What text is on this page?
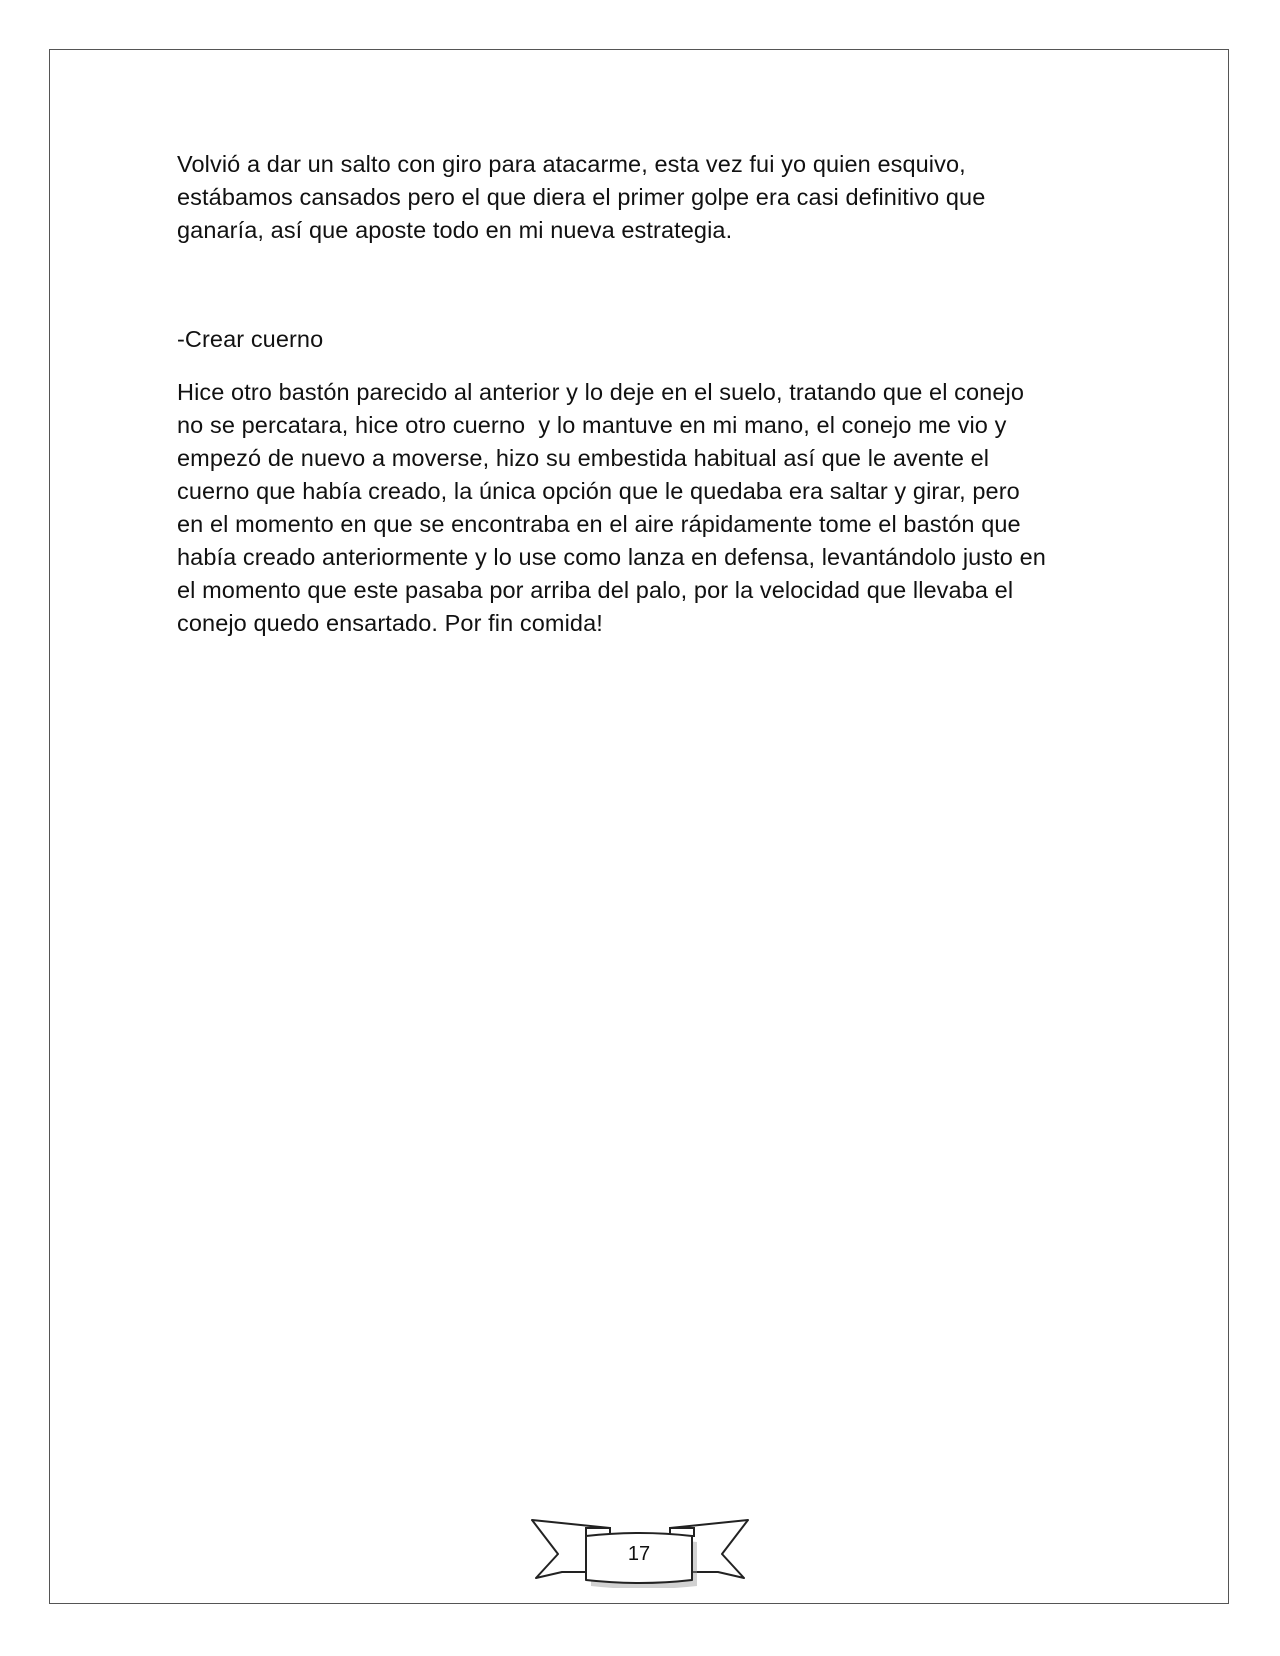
Volvió a dar un salto con giro para atacarme, esta vez fui yo quien esquivo,
estábamos cansados pero el que diera el primer golpe era casi definitivo que
ganaría, así que aposte todo en mi nueva estrategia.

-Crear cuerno

Hice otro bastón parecido al anterior y lo deje en el suelo, tratando que el conejo
no se percatara, hice otro cuerno  y lo mantuve en mi mano, el conejo me vio y
empezó de nuevo a moverse, hizo su embestida habitual así que le avente el
cuerno que había creado, la única opción que le quedaba era saltar y girar, pero
en el momento en que se encontraba en el aire rápidamente tome el bastón que
había creado anteriormente y lo use como lanza en defensa, levantándolo justo en
el momento que este pasaba por arriba del palo, por la velocidad que llevaba el
conejo quedo ensartado. Por fin comida!

17
